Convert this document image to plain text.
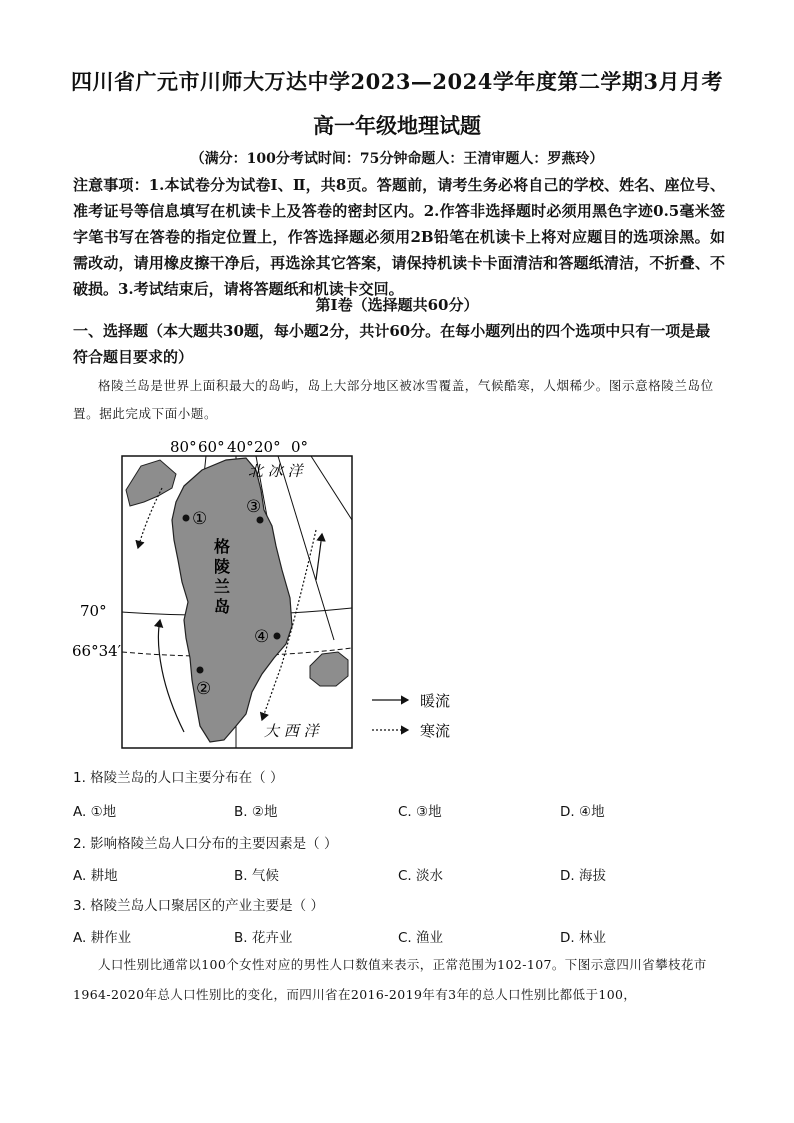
四川省广元市川师大万达中学2023—2024学年度第二学期3月月考
高一年级地理试题
（满分：100分考试时间：75分钟命题人：王清审题人：罗燕玲）
注意事项：1.本试卷分为试卷Ⅰ、Ⅱ，共8页。答题前，请考生务必将自己的学校、姓名、座位号、准考证号等信息填写在机读卡上及答卷的密封区内。2.作答非选择题时必须用黑色字迹0.5毫米签字笔书写在答卷的指定位置上，作答选择题必须用2B铅笔在机读卡上将对应题目的选项涂黑。如需改动，请用橡皮擦干净后，再选涂其它答案，请保持机读卡卡面清洁和答题纸清洁，不折叠、不破损。3.考试结束后，请将答题纸和机读卡交回。
第Ⅰ卷（选择题共60分）
一、选择题（本大题共30题，每小题2分，共计60分。在每小题列出的四个选项中只有一项是最符合题目要求的）
格陵兰岛是世界上面积最大的岛屿，岛上大部分地区被冰雪覆盖，气候酷寒，人烟稀少。图示意格陵兰岛位置。据此完成下面小题。
80° 60° 40° 20° 0°
70°
66°34′
北 冰 洋
大 西 洋
格
陵
兰
岛
①
②
③
④
暖流
寒流
1. 格陵兰岛的人口主要分布在（ ）
A. ①地	B. ②地	C. ③地	D. ④地
2. 影响格陵兰岛人口分布的主要因素是（ ）
A. 耕地	B. 气候	C. 淡水	D. 海拔
3. 格陵兰岛人口聚居区的产业主要是（ ）
A. 耕作业	B. 花卉业	C. 渔业	D. 林业
人口性别比通常以100个女性对应的男性人口数值来表示，正常范围为102-107。下图示意四川省攀枝花市1964-2020年总人口性别比的变化，而四川省在2016-2019年有3年的总人口性别比都低于100，
